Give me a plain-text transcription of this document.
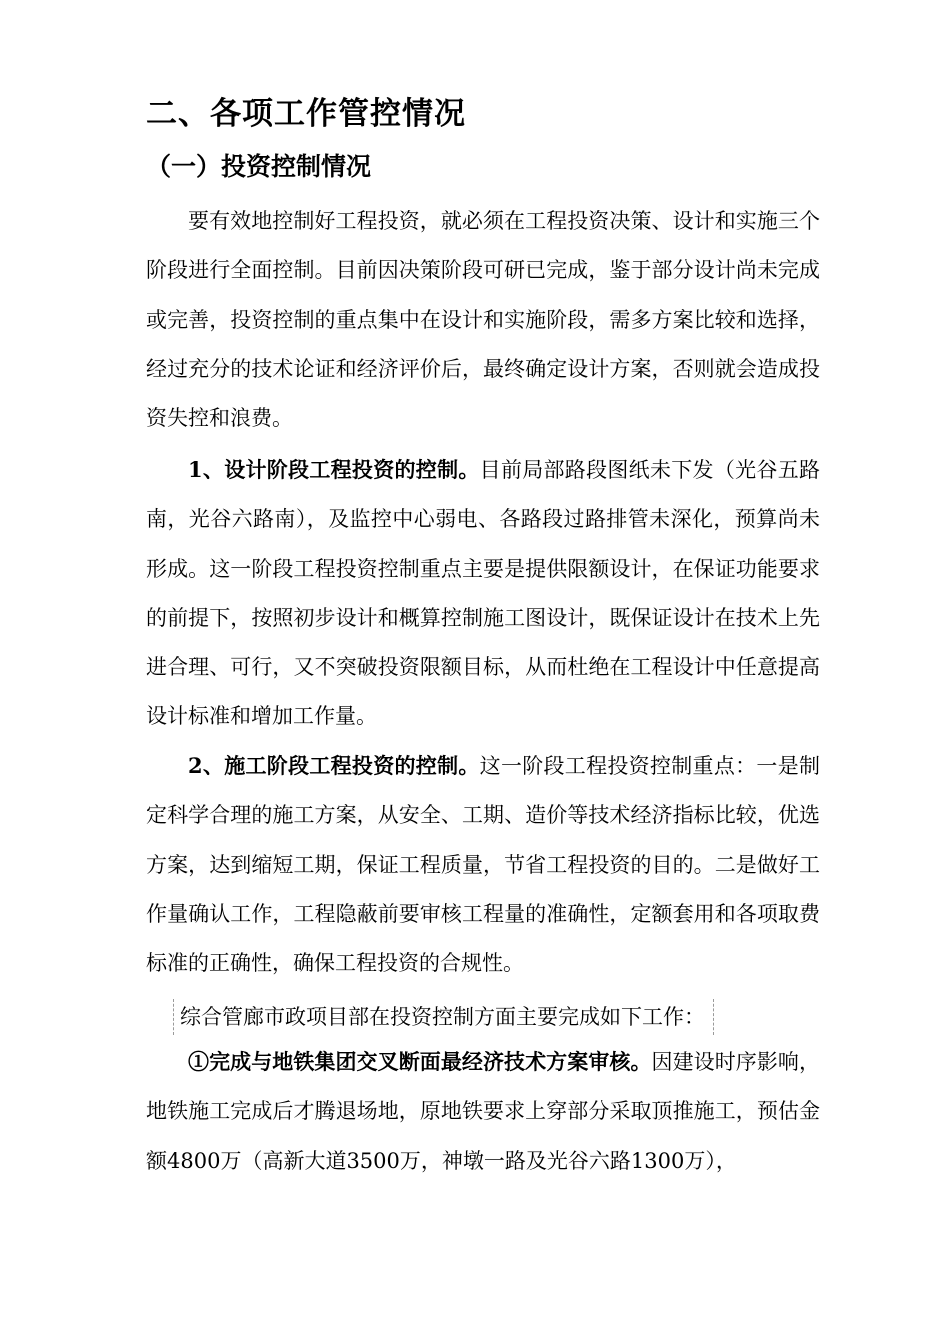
二、各项工作管控情况
（一）投资控制情况

要有效地控制好工程投资，就必须在工程投资决策、设计和实施三个阶段进行全面控制。目前因决策阶段可研已完成，鉴于部分设计尚未完成或完善，投资控制的重点集中在设计和实施阶段，需多方案比较和选择，经过充分的技术论证和经济评价后，最终确定设计方案，否则就会造成投资失控和浪费。

1、设计阶段工程投资的控制。目前局部路段图纸未下发（光谷五路南，光谷六路南），及监控中心弱电、各路段过路排管未深化，预算尚未形成。这一阶段工程投资控制重点主要是提供限额设计，在保证功能要求的前提下，按照初步设计和概算控制施工图设计，既保证设计在技术上先进合理、可行，又不突破投资限额目标，从而杜绝在工程设计中任意提高设计标准和增加工作量。

2、施工阶段工程投资的控制。这一阶段工程投资控制重点：一是制定科学合理的施工方案，从安全、工期、造价等技术经济指标比较，优选方案，达到缩短工期，保证工程质量，节省工程投资的目的。二是做好工作量确认工作，工程隐蔽前要审核工程量的准确性，定额套用和各项取费标准的正确性，确保工程投资的合规性。

综合管廊市政项目部在投资控制方面主要完成如下工作：

①完成与地铁集团交叉断面最经济技术方案审核。因建设时序影响，地铁施工完成后才腾退场地，原地铁要求上穿部分采取顶推施工，预估金额4800万（高新大道3500万，神墩一路及光谷六路1300万），
